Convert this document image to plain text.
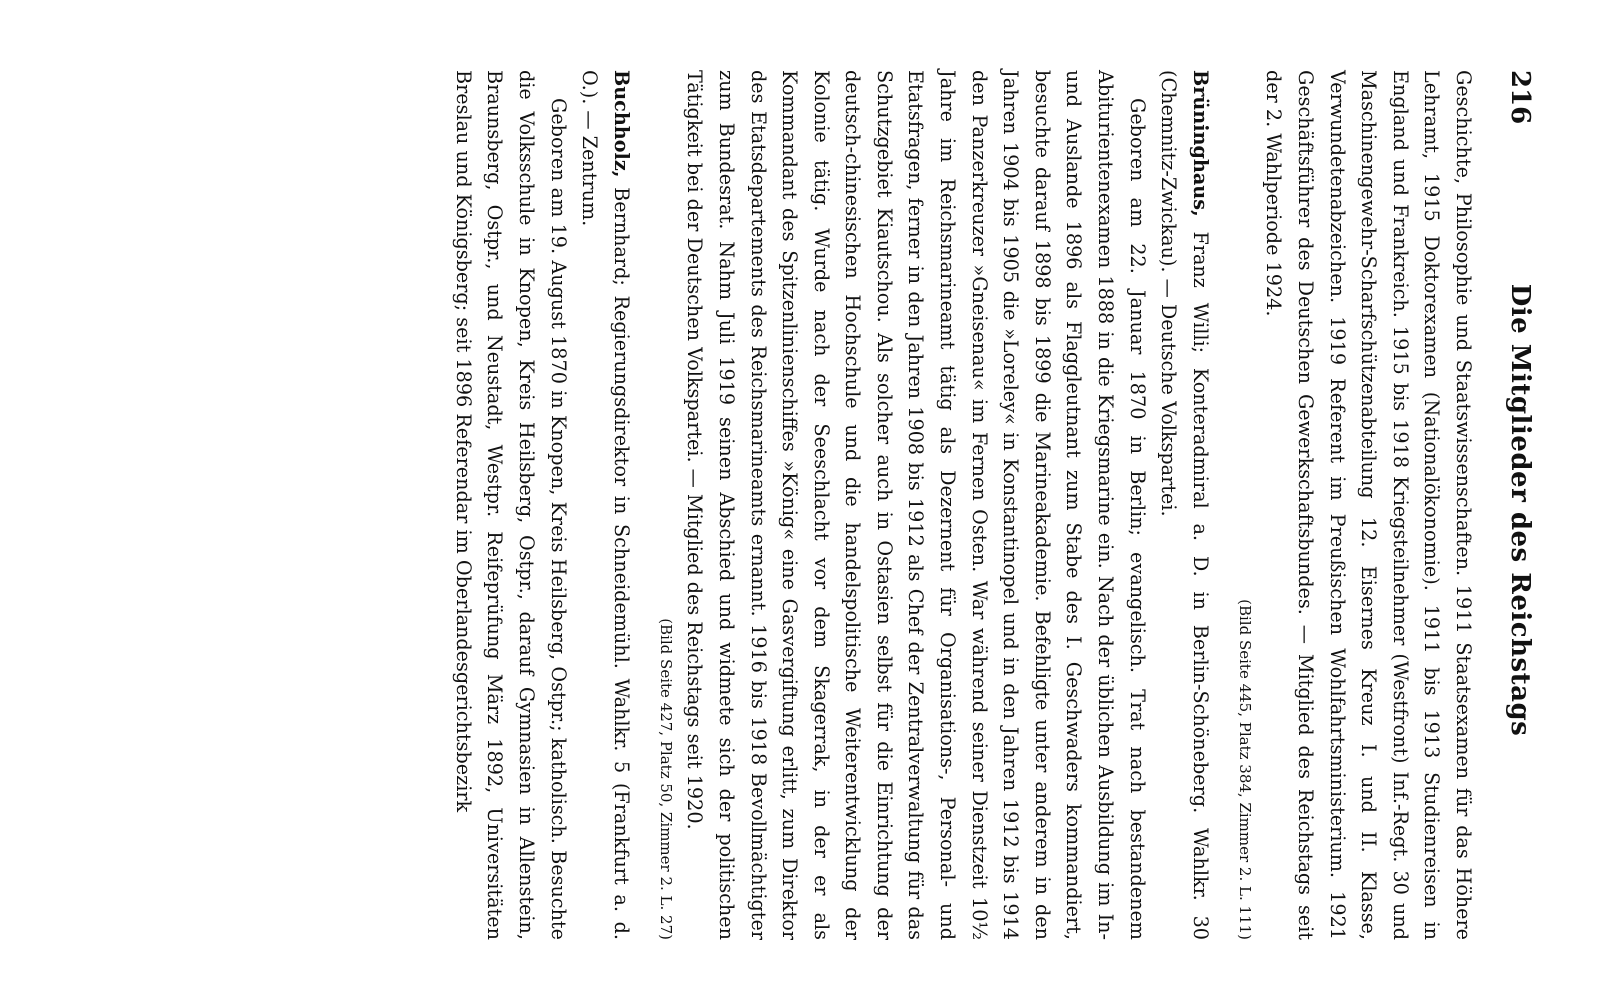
216
Die Mitglieder des Reichstags

Geschichte, Philosophie und Staatswissenschaften. 1911 Staatsexamen für das Höhere Lehramt, 1915 Doktorexamen (Nationalökonomie). 1911 bis 1913 Studienreisen in England und Frankreich. 1915 bis 1918 Kriegsteilnehmer (Westfront) Inf.-Regt. 30 und Maschinengewehr-Scharfschützenabteilung 12. Eisernes Kreuz I. und II. Klasse, Verwundetenabzeichen. 1919 Referent im Preußischen Wohlfahrtsministerium. 1921 Geschäftsführer des Deutschen Gewerkschaftsbundes. — Mitglied des Reichstags seit der 2. Wahlperiode 1924.

(Bild Seite 445, Platz 384, Zimmer 2. L. 111)

Brüninghaus, Franz Willi; Konteradmiral a. D. in Berlin-Schöneberg. Wahlkr. 30 (Chemnitz-Zwickau). — Deutsche Volkspartei.

Geboren am 22. Januar 1870 in Berlin; evangelisch. Trat nach bestandenem Abiturientenexamen 1888 in die Kriegsmarine ein. Nach der üblichen Ausbildung im In- und Auslande 1896 als Flaggleutnant zum Stabe des I. Geschwaders kommandiert, besuchte darauf 1898 bis 1899 die Marineakademie. Befehligte unter anderem in den Jahren 1904 bis 1905 die »Loreley« in Konstantinopel und in den Jahren 1912 bis 1914 den Panzerkreuzer »Gneisenau« im Fernen Osten. War während seiner Dienstzeit 10½ Jahre im Reichsmarineamt tätig als Dezernent für Organisations-, Personal- und Etatsfragen, ferner in den Jahren 1908 bis 1912 als Chef der Zentralverwaltung für das Schutzgebiet Kiautschou. Als solcher auch in Ostasien selbst für die Einrichtung der deutsch-chinesischen Hochschule und die handelspolitische Weiterentwicklung der Kolonie tätig. Wurde nach der Seeschlacht vor dem Skagerrak, in der er als Kommandant des Spitzenlinienschiffes »König« eine Gasvergiftung erlitt, zum Direktor des Etatsdepartements des Reichsmarineamts ernannt. 1916 bis 1918 Bevollmächtigter zum Bundesrat. Nahm Juli 1919 seinen Abschied und widmete sich der politischen Tätigkeit bei der Deutschen Volkspartei. — Mitglied des Reichstags seit 1920.

(Bild Seite 427, Platz 50, Zimmer 2. L. 27)

Buchholz, Bernhard; Regierungsdirektor in Schneidemühl. Wahlkr. 5 (Frankfurt a. d. O.). — Zentrum.

Geboren am 19. August 1870 in Knopen, Kreis Heilsberg, Ostpr.; katholisch. Besuchte die Volksschule in Knopen, Kreis Heilsberg, Ostpr., darauf Gymnasien in Allenstein, Braunsberg, Ostpr., und Neustadt, Westpr. Reifeprüfung März 1892, Universitäten Breslau und Königsberg; seit 1896 Referendar im Oberlandesgerichtsbezirk
